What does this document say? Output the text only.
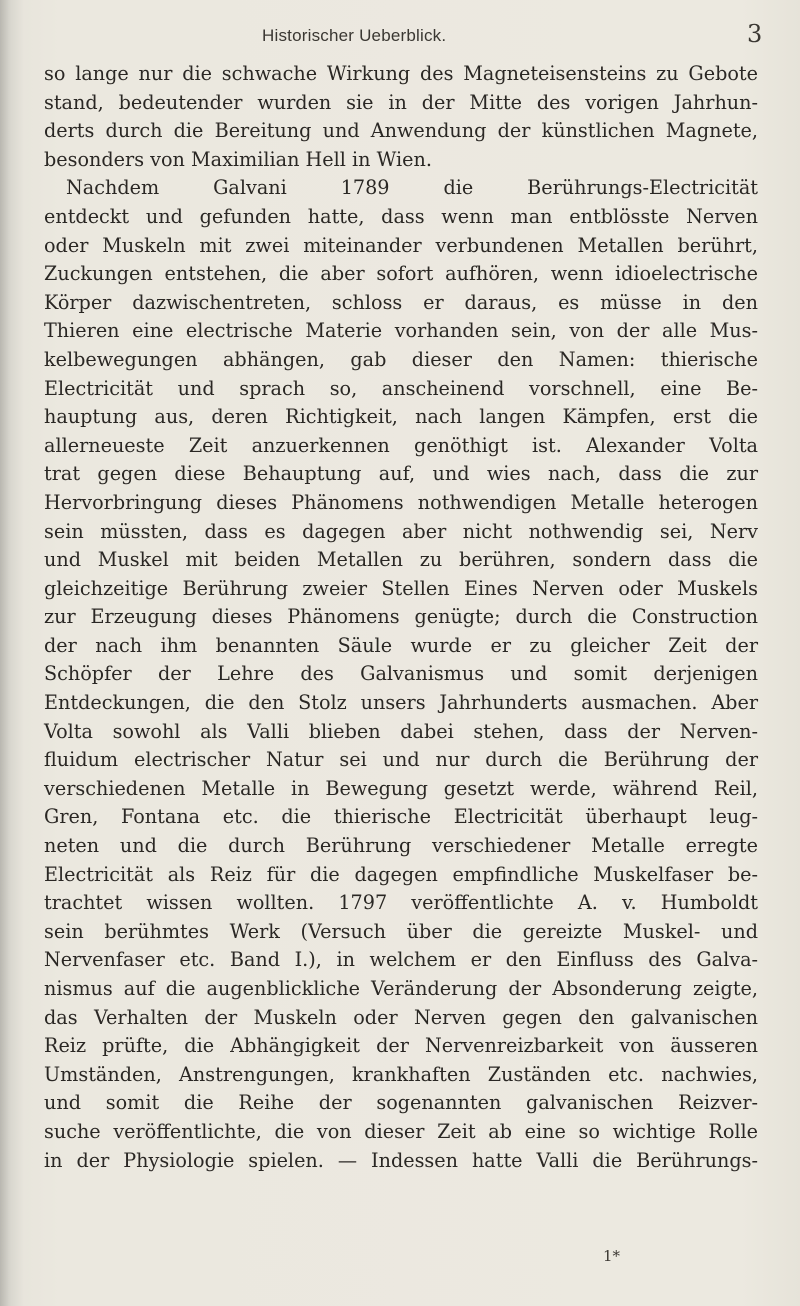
Historischer Ueberblick.	3
so lange nur die schwache Wirkung des Magneteisensteins zu Gebote
stand, bedeutender wurden sie in der Mitte des vorigen Jahrhun-
derts durch die Bereitung und Anwendung der künstlichen Magnete,
besonders von Maximilian Hell in Wien.
Nachdem Galvani 1789 die Berührungs-Electricität
entdeckt und gefunden hatte, dass wenn man entblösste Nerven
oder Muskeln mit zwei miteinander verbundenen Metallen berührt,
Zuckungen entstehen, die aber sofort aufhören, wenn idioelectrische
Körper dazwischentreten, schloss er daraus, es müsse in den
Thieren eine electrische Materie vorhanden sein, von der alle Mus-
kelbewegungen abhängen, gab dieser den Namen: thierische
Electricität und sprach so, anscheinend vorschnell, eine Be-
hauptung aus, deren Richtigkeit, nach langen Kämpfen, erst die
allerneueste Zeit anzuerkennen genöthigt ist. Alexander Volta
trat gegen diese Behauptung auf, und wies nach, dass die zur
Hervorbringung dieses Phänomens nothwendigen Metalle heterogen
sein müssten, dass es dagegen aber nicht nothwendig sei, Nerv
und Muskel mit beiden Metallen zu berühren, sondern dass die
gleichzeitige Berührung zweier Stellen Eines Nerven oder Muskels
zur Erzeugung dieses Phänomens genügte; durch die Construction
der nach ihm benannten Säule wurde er zu gleicher Zeit der
Schöpfer der Lehre des Galvanismus und somit derjenigen
Entdeckungen, die den Stolz unsers Jahrhunderts ausmachen. Aber
Volta sowohl als Valli blieben dabei stehen, dass der Nerven-
fluidum electrischer Natur sei und nur durch die Berührung der
verschiedenen Metalle in Bewegung gesetzt werde, während Reil,
Gren, Fontana etc. die thierische Electricität überhaupt leug-
neten und die durch Berührung verschiedener Metalle erregte
Electricität als Reiz für die dagegen empfindliche Muskelfaser be-
trachtet wissen wollten. 1797 veröffentlichte A. v. Humboldt
sein berühmtes Werk (Versuch über die gereizte Muskel- und
Nervenfaser etc. Band I.), in welchem er den Einfluss des Galva-
nismus auf die augenblickliche Veränderung der Absonderung zeigte,
das Verhalten der Muskeln oder Nerven gegen den galvanischen
Reiz prüfte, die Abhängigkeit der Nervenreizbarkeit von äusseren
Umständen, Anstrengungen, krankhaften Zuständen etc. nachwies,
und somit die Reihe der sogenannten galvanischen Reizver-
suche veröffentlichte, die von dieser Zeit ab eine so wichtige Rolle
in der Physiologie spielen. — Indessen hatte Valli die Berührungs-
1*
